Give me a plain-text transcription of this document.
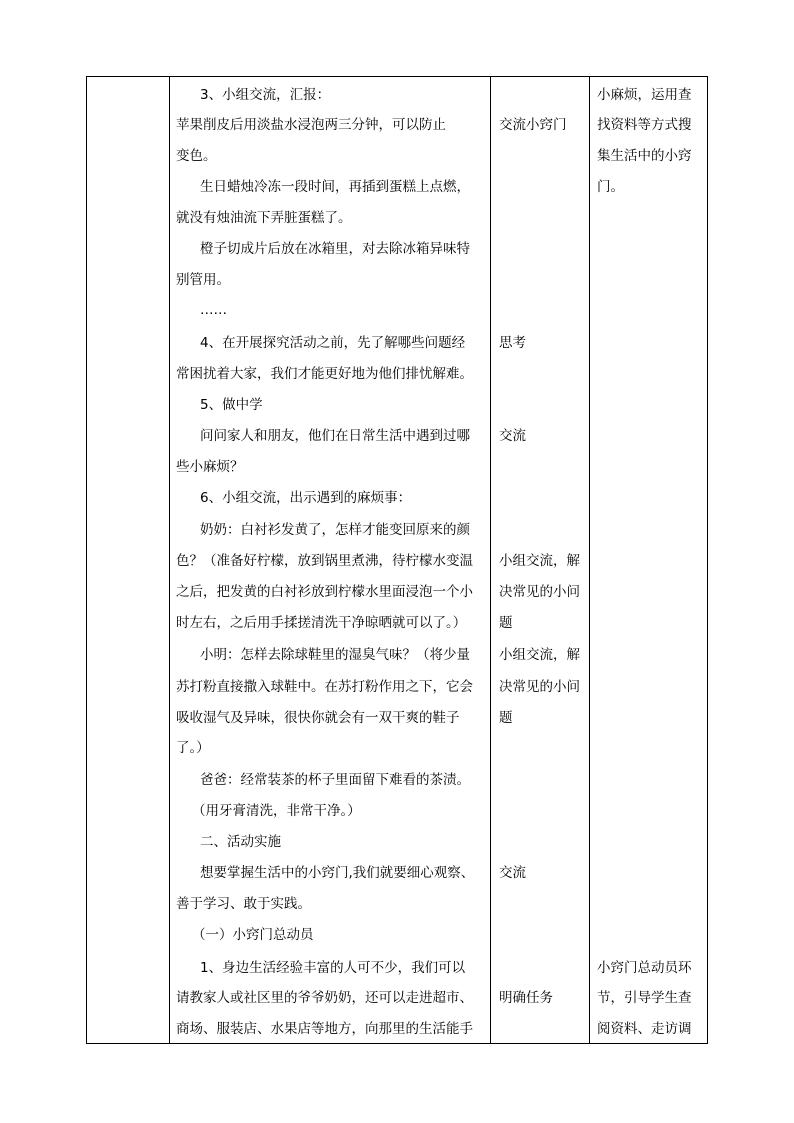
3、小组交流，汇报：
苹果削皮后用淡盐水浸泡两三分钟，可以防止
变色。
生日蜡烛冷冻一段时间，再插到蛋糕上点燃，
就没有烛油流下弄脏蛋糕了。
橙子切成片后放在冰箱里，对去除冰箱异味特
别管用。
……
4、在开展探究活动之前，先了解哪些问题经
常困扰着大家，我们才能更好地为他们排忧解难。
5、做中学
问问家人和朋友，他们在日常生活中遇到过哪
些小麻烦？
6、小组交流，出示遇到的麻烦事：
奶奶：白衬衫发黄了，怎样才能变回原来的颜
色？（准备好柠檬，放到锅里煮沸，待柠檬水变温
之后，把发黄的白衬衫放到柠檬水里面浸泡一个小
时左右，之后用手揉搓清洗干净晾晒就可以了。）
小明：怎样去除球鞋里的湿臭气味？（将少量
苏打粉直接撒入球鞋中。在苏打粉作用之下，它会
吸收湿气及异味，很快你就会有一双干爽的鞋子
了。）
爸爸：经常装茶的杯子里面留下难看的茶渍。
（用牙膏清洗，非常干净。）
二、活动实施
想要掌握生活中的小窍门,我们就要细心观察、
善于学习、敢于实践。
（一）小窍门总动员
1、身边生活经验丰富的人可不少，我们可以
请教家人或社区里的爷爷奶奶，还可以走进超市、
商场、服装店、水果店等地方，向那里的生活能手
交流小窍门
思考
交流
小组交流，解
决常见的小问
题
小组交流，解
决常见的小问
题
交流
明确任务
小麻烦，运用查
找资料等方式搜
集生活中的小窍
门。
小窍门总动员环
节，引导学生查
阅资料、走访调
